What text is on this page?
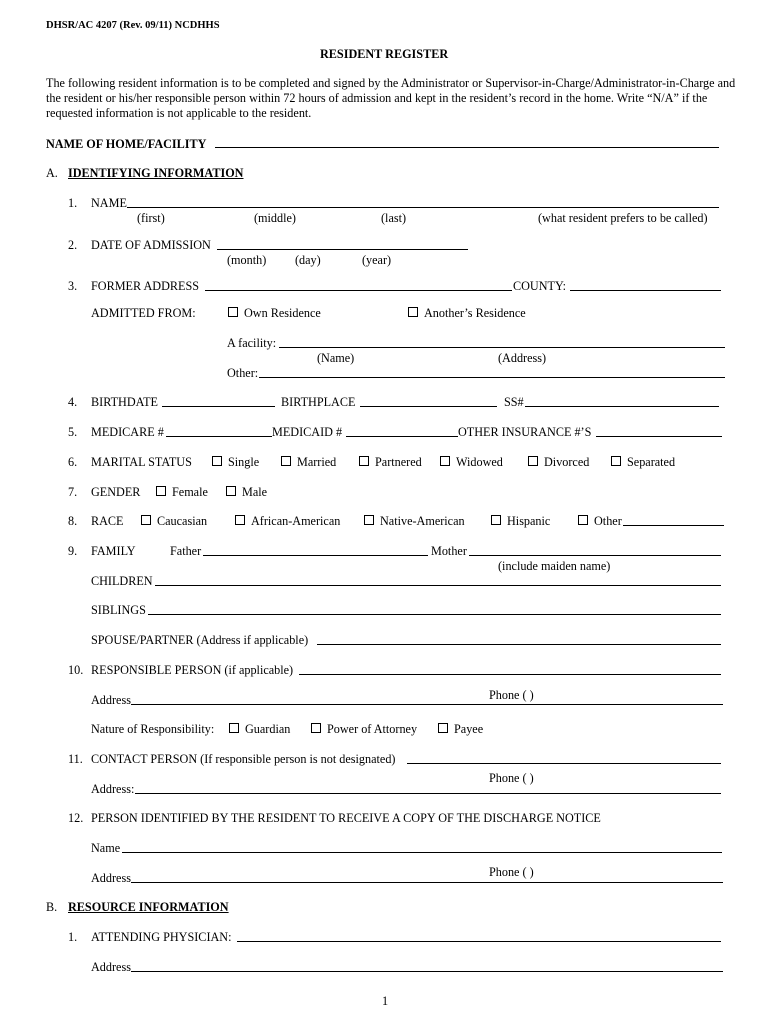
DHSR/AC 4207 (Rev. 09/11) NCDHHS
RESIDENT REGISTER
The following resident information is to be completed and signed by the Administrator or Supervisor-in-Charge/Administrator-in-Charge and the resident or his/her responsible person within 72 hours of admission and kept in the resident’s record in the home. Write “N/A” if the requested information is not applicable to the resident.
NAME OF HOME/FACILITY
A. IDENTIFYING INFORMATION
1. NAME
(first)	(middle)	(last)	(what resident prefers to be called)
2. DATE OF ADMISSION
(month) (day)	(year)
3. FORMER ADDRESS	COUNTY:
ADMITTED FROM:	Own Residence	Another’s Residence
A facility:
(Name)	(Address)
Other:
4. BIRTHDATE	BIRTHPLACE	SS#
5. MEDICARE #	MEDICAID #	OTHER INSURANCE #’S
6. MARITAL STATUS	Single	Married	Partnered	Widowed	Divorced	Separated
7. GENDER	Female	Male
8. RACE	Caucasian	African-American	Native-American	Hispanic	Other
9. FAMILY	Father	Mother
(include maiden name)
CHILDREN
SIBLINGS
SPOUSE/PARTNER (Address if applicable)
10. RESPONSIBLE PERSON (if applicable)
Phone ( )
Address
Nature of Responsibility:	Guardian	Power of Attorney	Payee
11. CONTACT PERSON (If responsible person is not designated)
Phone ( )
Address:
12. PERSON IDENTIFIED BY THE RESIDENT TO RECEIVE A COPY OF THE DISCHARGE NOTICE
Name
Phone ( )
Address
B. RESOURCE INFORMATION
1. ATTENDING PHYSICIAN:
Address
1
